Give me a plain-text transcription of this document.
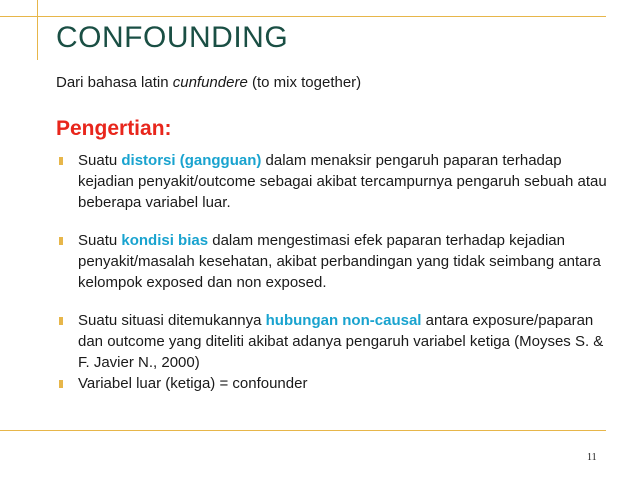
CONFOUNDING
Dari bahasa latin cunfundere (to mix together)
Pengertian:
Suatu distorsi (gangguan) dalam menaksir pengaruh paparan terhadap kejadian penyakit/outcome sebagai akibat tercampurnya pengaruh sebuah atau beberapa variabel luar.
Suatu kondisi bias dalam mengestimasi efek paparan terhadap kejadian penyakit/masalah kesehatan, akibat perbandingan yang tidak seimbang antara kelompok exposed dan non exposed.
Suatu situasi ditemukannya hubungan non-causal antara exposure/paparan dan outcome yang diteliti akibat adanya pengaruh variabel ketiga (Moyses S. & F. Javier N., 2000)
Variabel luar (ketiga) = confounder
11
